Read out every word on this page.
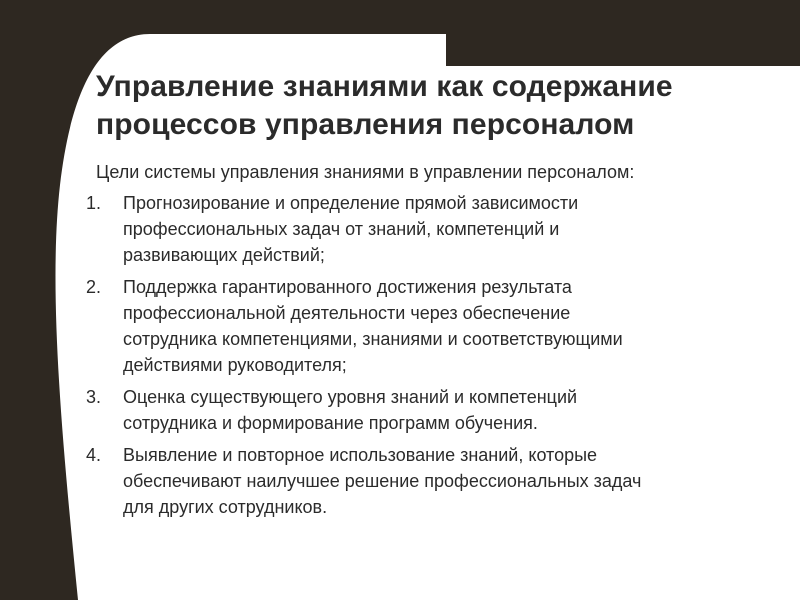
Управление знаниями как содержание
процессов управления персоналом

Цели системы управления знаниями в управлении персоналом:

1. Прогнозирование и определение прямой зависимости
профессиональных задач от знаний, компетенций и
развивающих действий;
2. Поддержка гарантированного достижения результата
профессиональной деятельности через обеспечение
сотрудника компетенциями, знаниями и соответствующими
действиями руководителя;
3. Оценка существующего уровня знаний и компетенций
сотрудника и формирование программ обучения.
4. Выявление и повторное использование знаний, которые
обеспечивают наилучшее решение профессиональных задач
для других сотрудников.
